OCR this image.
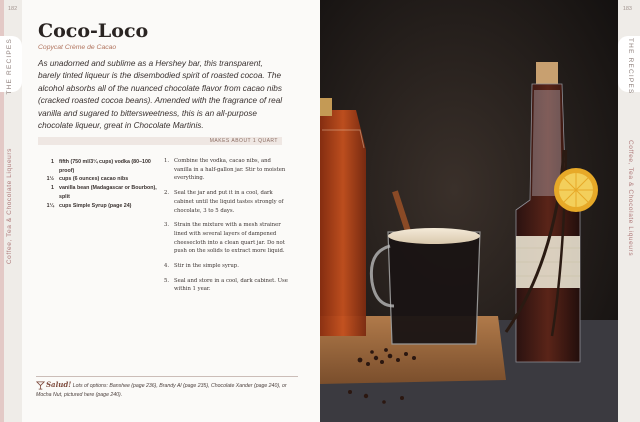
182
THE RECIPES
Coffee, Tea & Chocolate Liqueurs
Coco-Loco
Copycat Crème de Cacao
As unadorned and sublime as a Hershey bar, this transparent, barely tinted liqueur is the disembodied spirit of roasted cocoa. The alcohol absorbs all of the nuanced chocolate flavor from cacao nibs (cracked roasted cocoa beans). Amended with the fragrance of real vanilla and sugared to bittersweetness, this is an all-purpose chocolate liqueur, great in Chocolate Martinis.
MAKES ABOUT 1 QUART
1 fifth (750 ml/3¼ cups) vodka (80–100 proof)
1½ cups (6 ounces) cacao nibs
1 vanilla bean (Madagascar or Bourbon), split
1¼ cups Simple Syrup (page 24)
1. Combine the vodka, cacao nibs, and vanilla in a half-gallon jar. Stir to moisten everything.
2. Seal the jar and put it in a cool, dark cabinet until the liquid tastes strongly of chocolate, 3 to 5 days.
3. Strain the mixture with a mesh strainer lined with several layers of dampened cheesecloth into a clean quart jar. Do not push on the solids to extract more liquid.
4. Stir in the simple syrup.
5. Seal and store in a cool, dark cabinet. Use within 1 year.
Salud! Lots of options: Banshee (page 236), Brandy Al (page 235), Chocolate Xander (page 240), or Mocha Nut, pictured here (page 240).
183
THE RECIPES
Coffee, Tea & Chocolate Liqueurs
